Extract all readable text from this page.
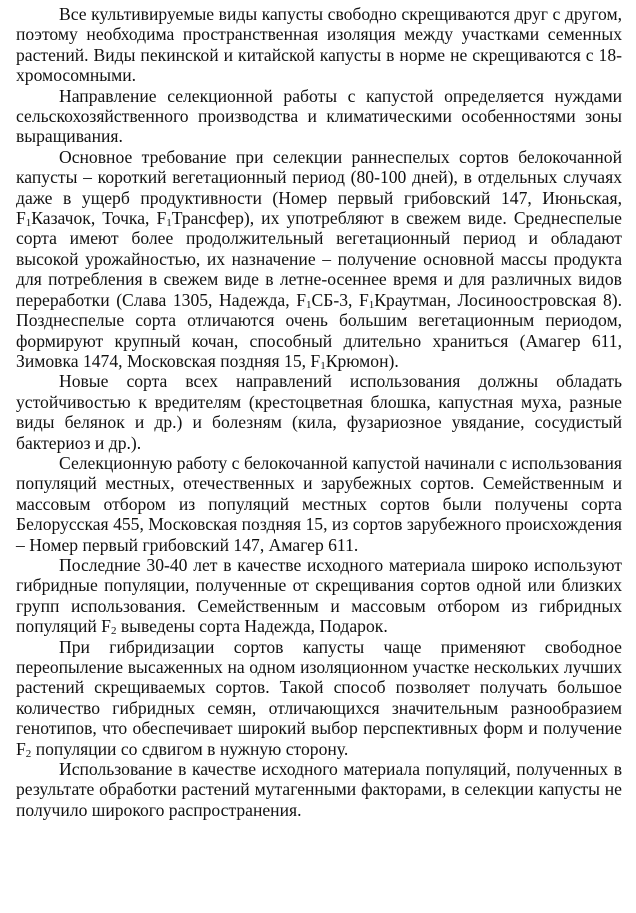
Все культивируемые виды капусты свободно скрещиваются друг с другом, поэтому необходима пространственная изоляция между участками семенных растений. Виды пекинской и китайской капусты в норме не скрещиваются с 18-хромосомными.

Направление селекционной работы с капустой определяется нуждами сельскохозяйственного производства и климатическими особенностями зоны выращивания.

Основное требование при селекции раннеспелых сортов белокочанной капусты – короткий вегетационный период (80-100 дней), в отдельных случаях даже в ущерб продуктивности (Номер первый грибовский 147, Июньская, F1Казачок, Точка, F1Трансфер), их употребляют в свежем виде. Среднеспелые сорта имеют более продолжительный вегетационный период и обладают высокой урожайностью, их назначение – получение основной массы продукта для потребления в свежем виде в летне-осеннее время и для различных видов переработки (Слава 1305, Надежда, F1СБ-3, F1Краутман, Лосиноостровская 8). Позднеспелые сорта отличаются очень большим вегетационным периодом, формируют крупный кочан, способный длительно храниться (Амагер 611, Зимовка 1474, Московская поздняя 15, F1Крюмон).

Новые сорта всех направлений использования должны обладать устойчивостью к вредителям (крестоцветная блошка, капустная муха, разные виды белянок и др.) и болезням (кила, фузариозное увядание, сосудистый бактериоз и др.).

Селекционную работу с белокочанной капустой начинали с использования популяций местных, отечественных и зарубежных сортов. Семейственным и массовым отбором из популяций местных сортов были получены сорта Белорусская 455, Московская поздняя 15, из сортов зарубежного происхождения – Номер первый грибовский 147, Амагер 611.

Последние 30-40 лет в качестве исходного материала широко используют гибридные популяции, полученные от скрещивания сортов одной или близких групп использования. Семейственным и массовым отбором из гибридных популяций F2 выведены сорта Надежда, Подарок.

При гибридизации сортов капусты чаще применяют свободное переопыление высаженных на одном изоляционном участке нескольких лучших растений скрещиваемых сортов. Такой способ позволяет получать большое количество гибридных семян, отличающихся значительным разнообразием генотипов, что обеспечивает широкий выбор перспективных форм и получение F2 популяции со сдвигом в нужную сторону.

Использование в качестве исходного материала популяций, полученных в результате обработки растений мутагенными факторами, в селекции капусты не получило широкого распространения.
